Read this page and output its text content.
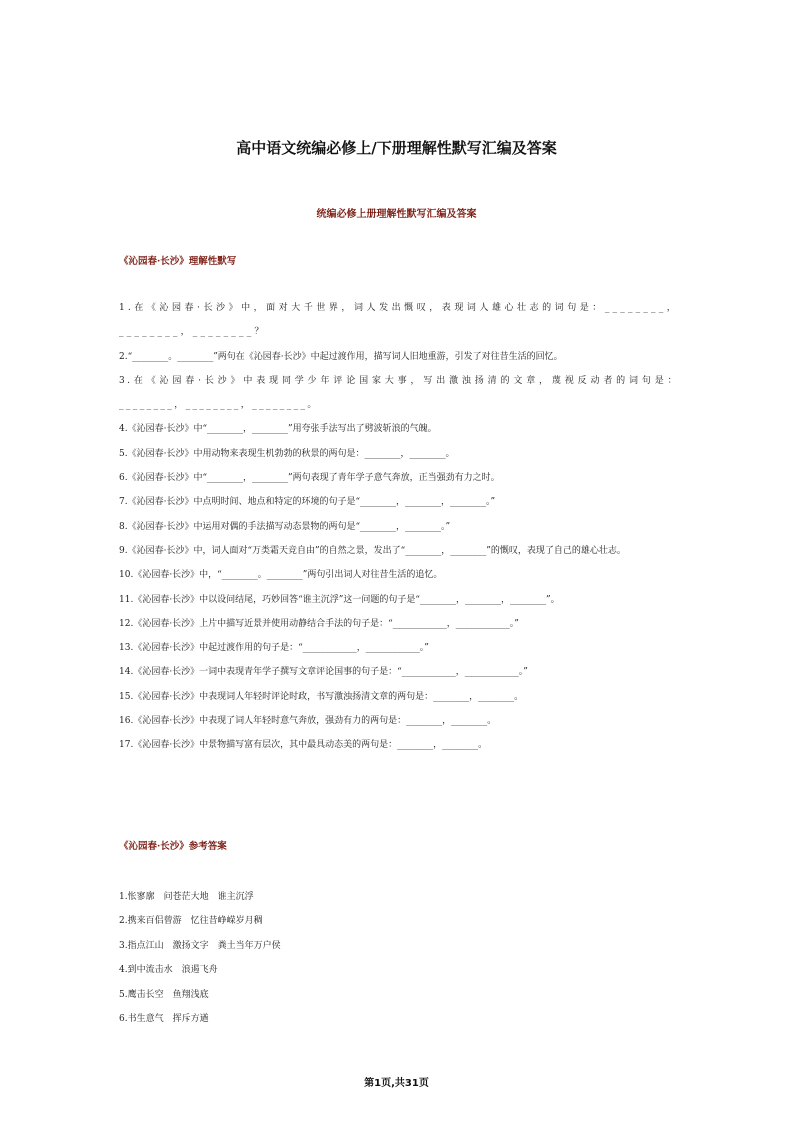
高中语文统编必修上/下册理解性默写汇编及答案
统编必修上册理解性默写汇编及答案
《沁园春·长沙》理解性默写
1.在《沁园春·长沙》中，面对大千世界，词人发出慨叹，表现词人雄心壮志的词句是：________，________，________？
2.“________。________”两句在《沁园春·长沙》中起过渡作用，描写词人旧地重游，引发了对往昔生活的回忆。
3.在《沁园春·长沙》中表现同学少年评论国家大事，写出激浊扬清的文章，蔑视反动者的词句是：________，________，________。
4.《沁园春·长沙》中“________，________”用夸张手法写出了劈波斩浪的气魄。
5.《沁园春·长沙》中用动物来表现生机勃勃的秋景的两句是：________，________。
6.《沁园春·长沙》中“________，________”两句表现了青年学子意气奔放，正当强劲有力之时。
7.《沁园春·长沙》中点明时间、地点和特定的环境的句子是“________，________，________。”
8.《沁园春·长沙》中运用对偶的手法描写动态景物的两句是“________，________。”
9.《沁园春·长沙》中，词人面对“万类霜天竞自由”的自然之景，发出了“________，________”的慨叹，表现了自己的雄心壮志。
10.《沁园春·长沙》中，“________。________”两句引出词人对往昔生活的追忆。
11.《沁园春·长沙》中以设问结尾，巧妙回答“谁主沉浮”这一问题的句子是“________，________，________”。
12.《沁园春·长沙》上片中描写近景并使用动静结合手法的句子是：“____________，____________。”
13.《沁园春·长沙》中起过渡作用的句子是：“____________，____________。”
14.《沁园春·长沙》一词中表现青年学子撰写文章评论国事的句子是：“____________，____________。”
15.《沁园春·长沙》中表现词人年轻时评论时政，书写激浊扬清文章的两句是：________，________。
16.《沁园春·长沙》中表现了词人年轻时意气奔放，强劲有力的两句是：________，________。
17.《沁园春·长沙》中景物描写富有层次，其中最具动态美的两句是：________，________。
《沁园春·长沙》参考答案
1.怅寥廓　问苍茫大地　谁主沉浮
2.携来百侣曾游　忆往昔峥嵘岁月稠
3.指点江山　激扬文字　粪土当年万户侯
4.到中流击水　浪遏飞舟
5.鹰击长空　鱼翔浅底
6.书生意气　挥斥方遒
第1页,共31页
